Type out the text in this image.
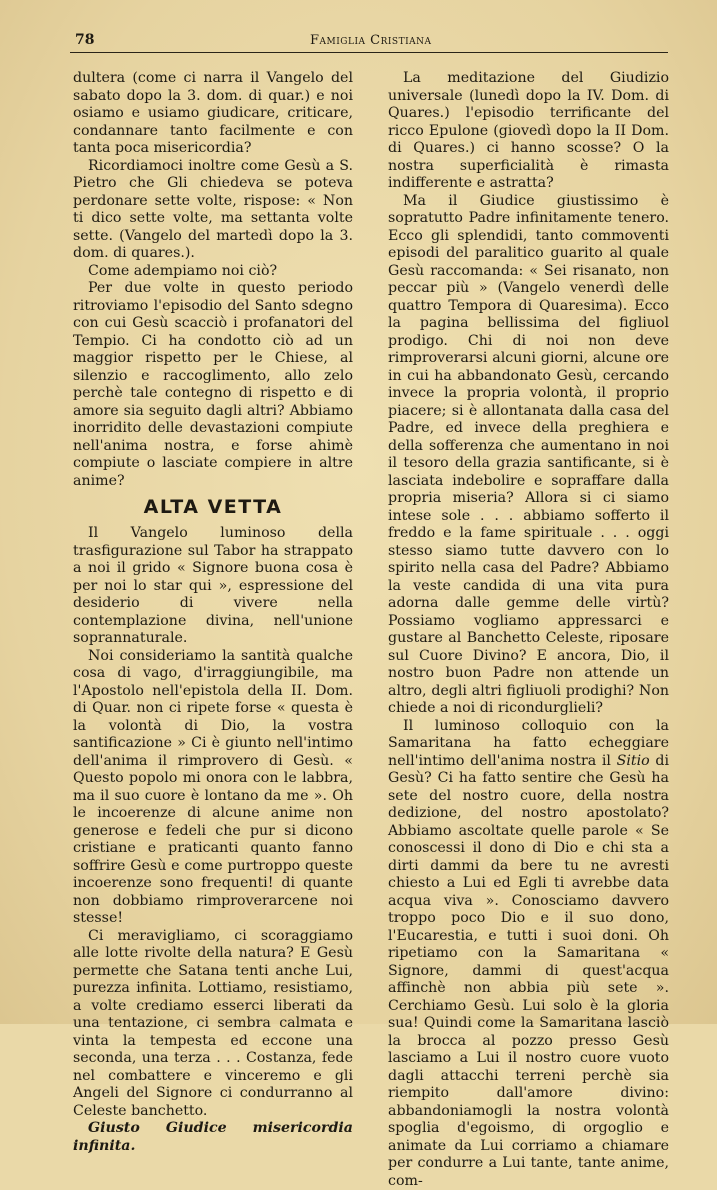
78	Famiglia Cristiana

dultera (come ci narra il Vangelo del sabato dopo la 3. dom. di quar.) e noi osiamo e usiamo giudicare, criticare, condannare tanto facilmente e con tanta poca misericordia?

Ricordiamoci inoltre come Gesù a S. Pietro che Gli chiedeva se poteva perdonare sette volte, rispose: « Non ti dico sette volte, ma settanta volte sette. (Vangelo del martedì dopo la 3. dom. di quares.).

Come adempiamo noi ciò?

Per due volte in questo periodo ritroviamo l'episodio del Santo sdegno con cui Gesù scacciò i profanatori del Tempio. Ci ha condotto ciò ad un maggior rispetto per le Chiese, al silenzio e raccoglimento, allo zelo perchè tale contegno di rispetto e di amore sia seguito dagli altri? Abbiamo inorridito delle devastazioni compiute nell'anima nostra, e forse ahimè compiute o lasciate compiere in altre anime?

ALTA VETTA

Il Vangelo luminoso della trasfigurazione sul Tabor ha strappato a noi il grido « Signore buona cosa è per noi lo star qui », espressione del desiderio di vivere nella contemplazione divina, nell'unione soprannaturale.

Noi consideriamo la santità qualche cosa di vago, d'irraggiungibile, ma l'Apostolo nell'epistola della II. Dom. di Quar. non ci ripete forse « questa è la volontà di Dio, la vostra santificazione » Ci è giunto nell'intimo dell'anima il rimprovero di Gesù. « Questo popolo mi onora con le labbra, ma il suo cuore è lontano da me ». Oh le incoerenze di alcune anime non generose e fedeli che pur si dicono cristiane e praticanti quanto fanno soffrire Gesù e come purtroppo queste incoerenze sono frequenti! di quante non dobbiamo rimproverarcene noi stesse!

Ci meravigliamo, ci scoraggiamo alle lotte rivolte della natura? E Gesù permette che Satana tenti anche Lui, purezza infinita. Lottiamo, resistiamo, a volte crediamo esserci liberati da una tentazione, ci sembra calmata e vinta la tempesta ed eccone una seconda, una terza . . . Costanza, fede nel combattere e vinceremo e gli Angeli del Signore ci condurranno al Celeste banchetto.

Giusto Giudice misericordia infinita.

La meditazione del Giudizio universale (lunedì dopo la IV. Dom. di Quares.) l'episodio terrificante del ricco Epulone (giovedì dopo la II Dom. di Quares.) ci hanno scosse? O la nostra superficialità è rimasta indifferente e astratta?

Ma il Giudice giustissimo è sopratutto Padre infinitamente tenero. Ecco gli splendidi, tanto commoventi episodi del paralitico guarito al quale Gesù raccomanda: « Sei risanato, non peccar più » (Vangelo venerdì delle quattro Tempora di Quaresima). Ecco la pagina bellissima del figliuol prodigo. Chi di noi non deve rimproverarsi alcuni giorni, alcune ore in cui ha abbandonato Gesù, cercando invece la propria volontà, il proprio piacere; si è allontanata dalla casa del Padre, ed invece della preghiera e della sofferenza che aumentano in noi il tesoro della grazia santificante, si è lasciata indebolire e sopraffare dalla propria miseria? Allora si ci siamo intese sole . . . abbiamo sofferto il freddo e la fame spirituale . . . oggi stesso siamo tutte davvero con lo spirito nella casa del Padre? Abbiamo la veste candida di una vita pura adorna dalle gemme delle virtù? Possiamo vogliamo appressarci e gustare al Banchetto Celeste, riposare sul Cuore Divino? E ancora, Dio, il nostro buon Padre non attende un altro, degli altri figliuoli prodighi? Non chiede a noi di ricondurglieli?

Il luminoso colloquio con la Samaritana ha fatto echeggiare nell'intimo dell'anima nostra il Sitio di Gesù? Ci ha fatto sentire che Gesù ha sete del nostro cuore, della nostra dedizione, del nostro apostolato? Abbiamo ascoltate quelle parole « Se conoscessi il dono di Dio e chi sta a dirti dammi da bere tu ne avresti chiesto a Lui ed Egli ti avrebbe data acqua viva ». Conosciamo davvero troppo poco Dio e il suo dono, l'Eucarestia, e tutti i suoi doni. Oh ripetiamo con la Samaritana « Signore, dammi di quest'acqua affinchè non abbia più sete ». Cerchiamo Gesù. Lui solo è la gloria sua! Quindi come la Samaritana lasciò la brocca al pozzo presso Gesù lasciamo a Lui il nostro cuore vuoto dagli attacchi terreni perchè sia riempito dall'amore divino: abbandoniamogli la nostra volontà spoglia d'egoismo, di orgoglio e animate da Lui corriamo a chiamare per condurre a Lui tante, tante anime, com-
